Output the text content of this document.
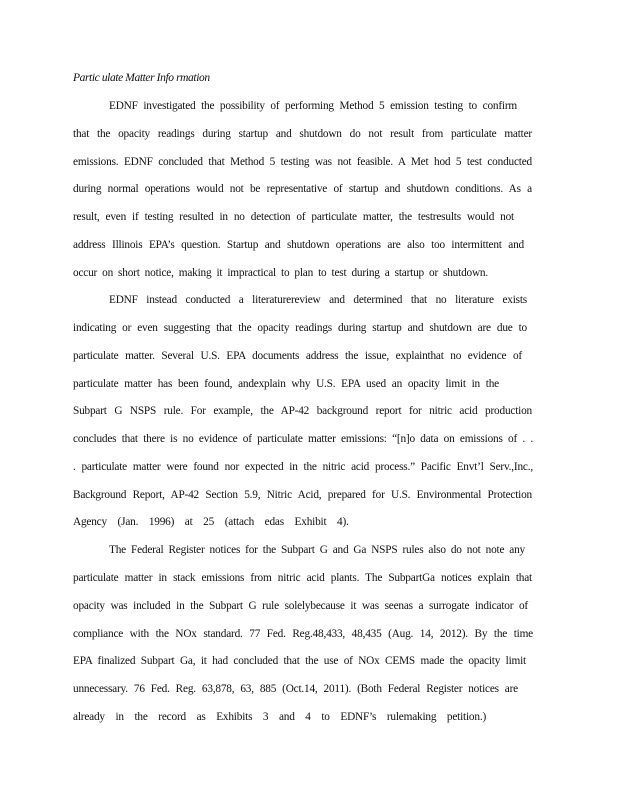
Partic ulate Matter Info rmation
EDNF investigated the possibility of performing Method 5 emission testing to confirm
that the opacity readings during startup and shutdown do not result from particulate matter
emissions. EDNF concluded that Method 5 testing was not feasible. A Met hod 5 test conducted
during normal operations would not be representative of startup and shutdown conditions. As a
result, even if testing resulted in no detection of particulate matter, the testresults would not
address Illinois EPA’s question. Startup and shutdown operations are also too intermittent and
occur on short notice, making it impractical to plan to test during a startup or shutdown.
EDNF instead conducted a literaturereview and determined that no literature exists
indicating or even suggesting that the opacity readings during startup and shutdown are due to
particulate matter. Several U.S. EPA documents address the issue, explainthat no evidence of
particulate matter has been found, andexplain why U.S. EPA used an opacity limit in the
Subpart G NSPS rule. For example, the AP-42 background report for nitric acid production
concludes that there is no evidence of particulate matter emissions: “[n]o data on emissions of . .
. particulate matter were found nor expected in the nitric acid process.” Pacific Envt’l Serv.,Inc.,
Background Report, AP-42 Section 5.9, Nitric Acid, prepared for U.S. Environmental Protection
Agency (Jan. 1996) at 25 (attach edas Exhibit 4).
The Federal Register notices for the Subpart G and Ga NSPS rules also do not note any
particulate matter in stack emissions from nitric acid plants. The SubpartGa notices explain that
opacity was included in the Subpart G rule solelybecause it was seenas a surrogate indicator of
compliance with the NOx standard. 77 Fed. Reg.48,433, 48,435 (Aug. 14, 2012). By the time
EPA finalized Subpart Ga, it had concluded that the use of NOx CEMS made the opacity limit
unnecessary. 76 Fed. Reg. 63,878, 63, 885 (Oct.14, 2011). (Both Federal Register notices are
already in the record as Exhibits 3 and 4 to EDNF’s rulemaking petition.)
